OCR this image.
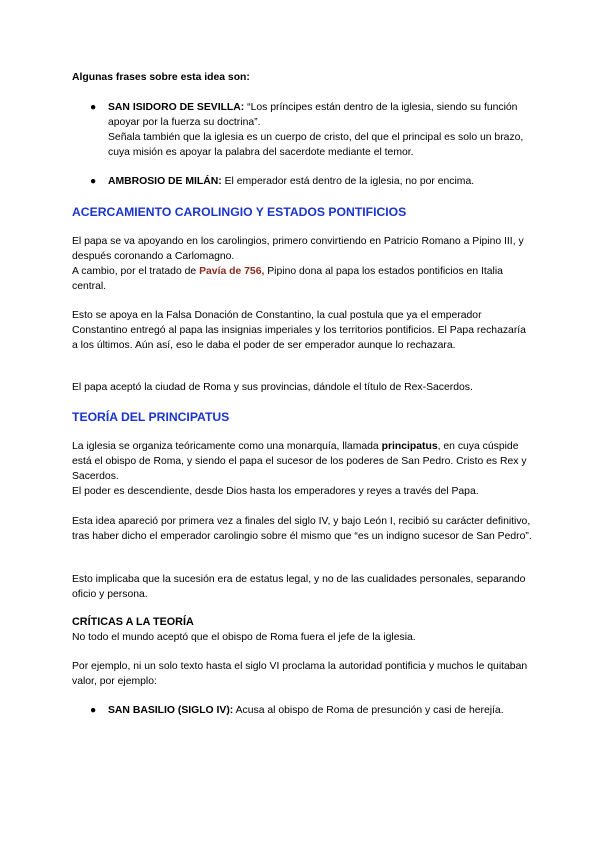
Algunas frases sobre esta idea son:

● SAN ISIDORO DE SEVILLA: “Los príncipes están dentro de la iglesia, siendo su función apoyar por la fuerza su doctrina”.

Señala también que la iglesia es un cuerpo de cristo, del que el principal es solo un brazo, cuya misión es apoyar la palabra del sacerdote mediante el temor.

● AMBROSIO DE MILÁN: El emperador está dentro de la iglesia, no por encima.
ACERCAMIENTO CAROLINGIO Y ESTADOS PONTIFICIOS

El papa se va apoyando en los carolingios, primero convirtiendo en Patricio Romano a Pipino III, y después coronando a Carlomagno.

A cambio, por el tratado de Pavía de 756, Pipino dona al papa los estados pontificios en Italia central.

Esto se apoya en la Falsa Donación de Constantino, la cual postula que ya el emperador Constantino entregó al papa las insignias imperiales y los territorios pontificios. El Papa rechazaría a los últimos. Aún así, eso le daba el poder de ser emperador aunque lo rechazara.

El papa aceptó la ciudad de Roma y sus provincias, dándole el título de Rex-Sacerdos.

TEORÍA DEL PRINCIPATUS

La iglesia se organiza teóricamente como una monarquía, llamada principatus, en cuya cúspide está el obispo de Roma, y siendo el papa el sucesor de los poderes de San Pedro. Cristo es Rex y Sacerdos.

El poder es descendiente, desde Dios hasta los emperadores y reyes a través del Papa.

Esta idea apareció por primera vez a finales del siglo IV, y bajo León I, recibió su carácter definitivo, tras haber dicho el emperador carolingio sobre él mismo que “es un indigno sucesor de San Pedro”.

Esto implicaba que la sucesión era de estatus legal, y no de las cualidades personales, separando oficio y persona.

CRÍTICAS A LA TEORÍA

No todo el mundo aceptó que el obispo de Roma fuera el jefe de la iglesia.

Por ejemplo, ni un solo texto hasta el siglo VI proclama la autoridad pontificia y muchos le quitaban valor, por ejemplo:

● SAN BASILIO (SIGLO IV): Acusa al obispo de Roma de presunción y casi de herejía.
